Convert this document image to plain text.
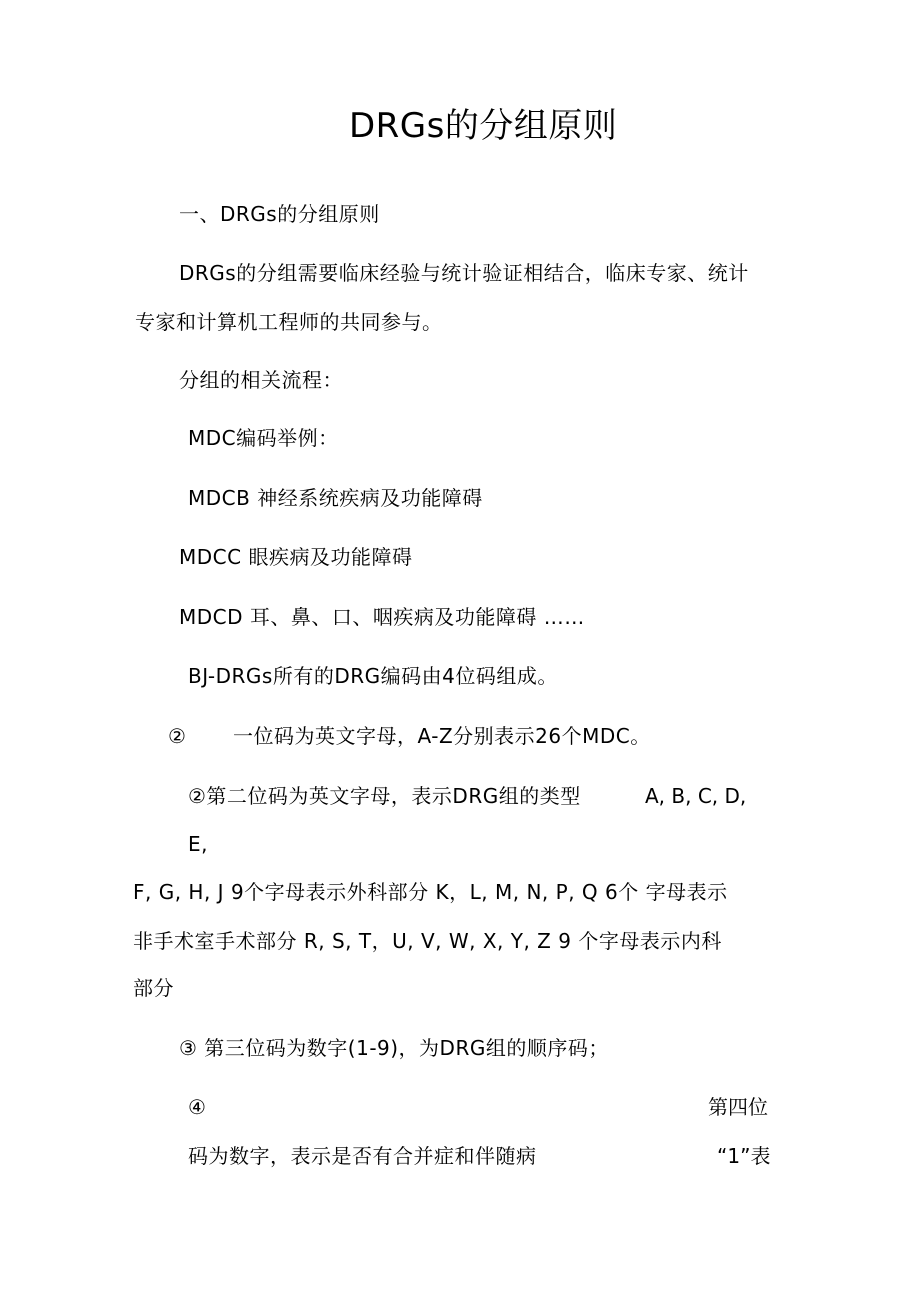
DRGs的分组原则
一、DRGs的分组原则
DRGs的分组需要临床经验与统计验证相结合，临床专家、统计
专家和计算机工程师的共同参与。
分组的相关流程：
MDC编码举例：
MDCB 神经系统疾病及功能障碍
MDCC 眼疾病及功能障碍
MDCD 耳、鼻、口、咽疾病及功能障碍 ……
BJ-DRGs所有的DRG编码由4位码组成。
② 一位码为英文字母，A-Z分别表示26个MDC。
②第二位码为英文字母，表示DRG组的类型	A, B, C, D,
E,
F, G, H, J 9个字母表示外科部分 K，L, M, N, P, Q 6个 字母表示
非手术室手术部分 R, S, T，U, V, W, X, Y, Z 9 个字母表示内科
部分
③ 第三位码为数字(1-9)，为DRG组的顺序码；
④	第四位
码为数字，表示是否有合并症和伴随病	“1”表
